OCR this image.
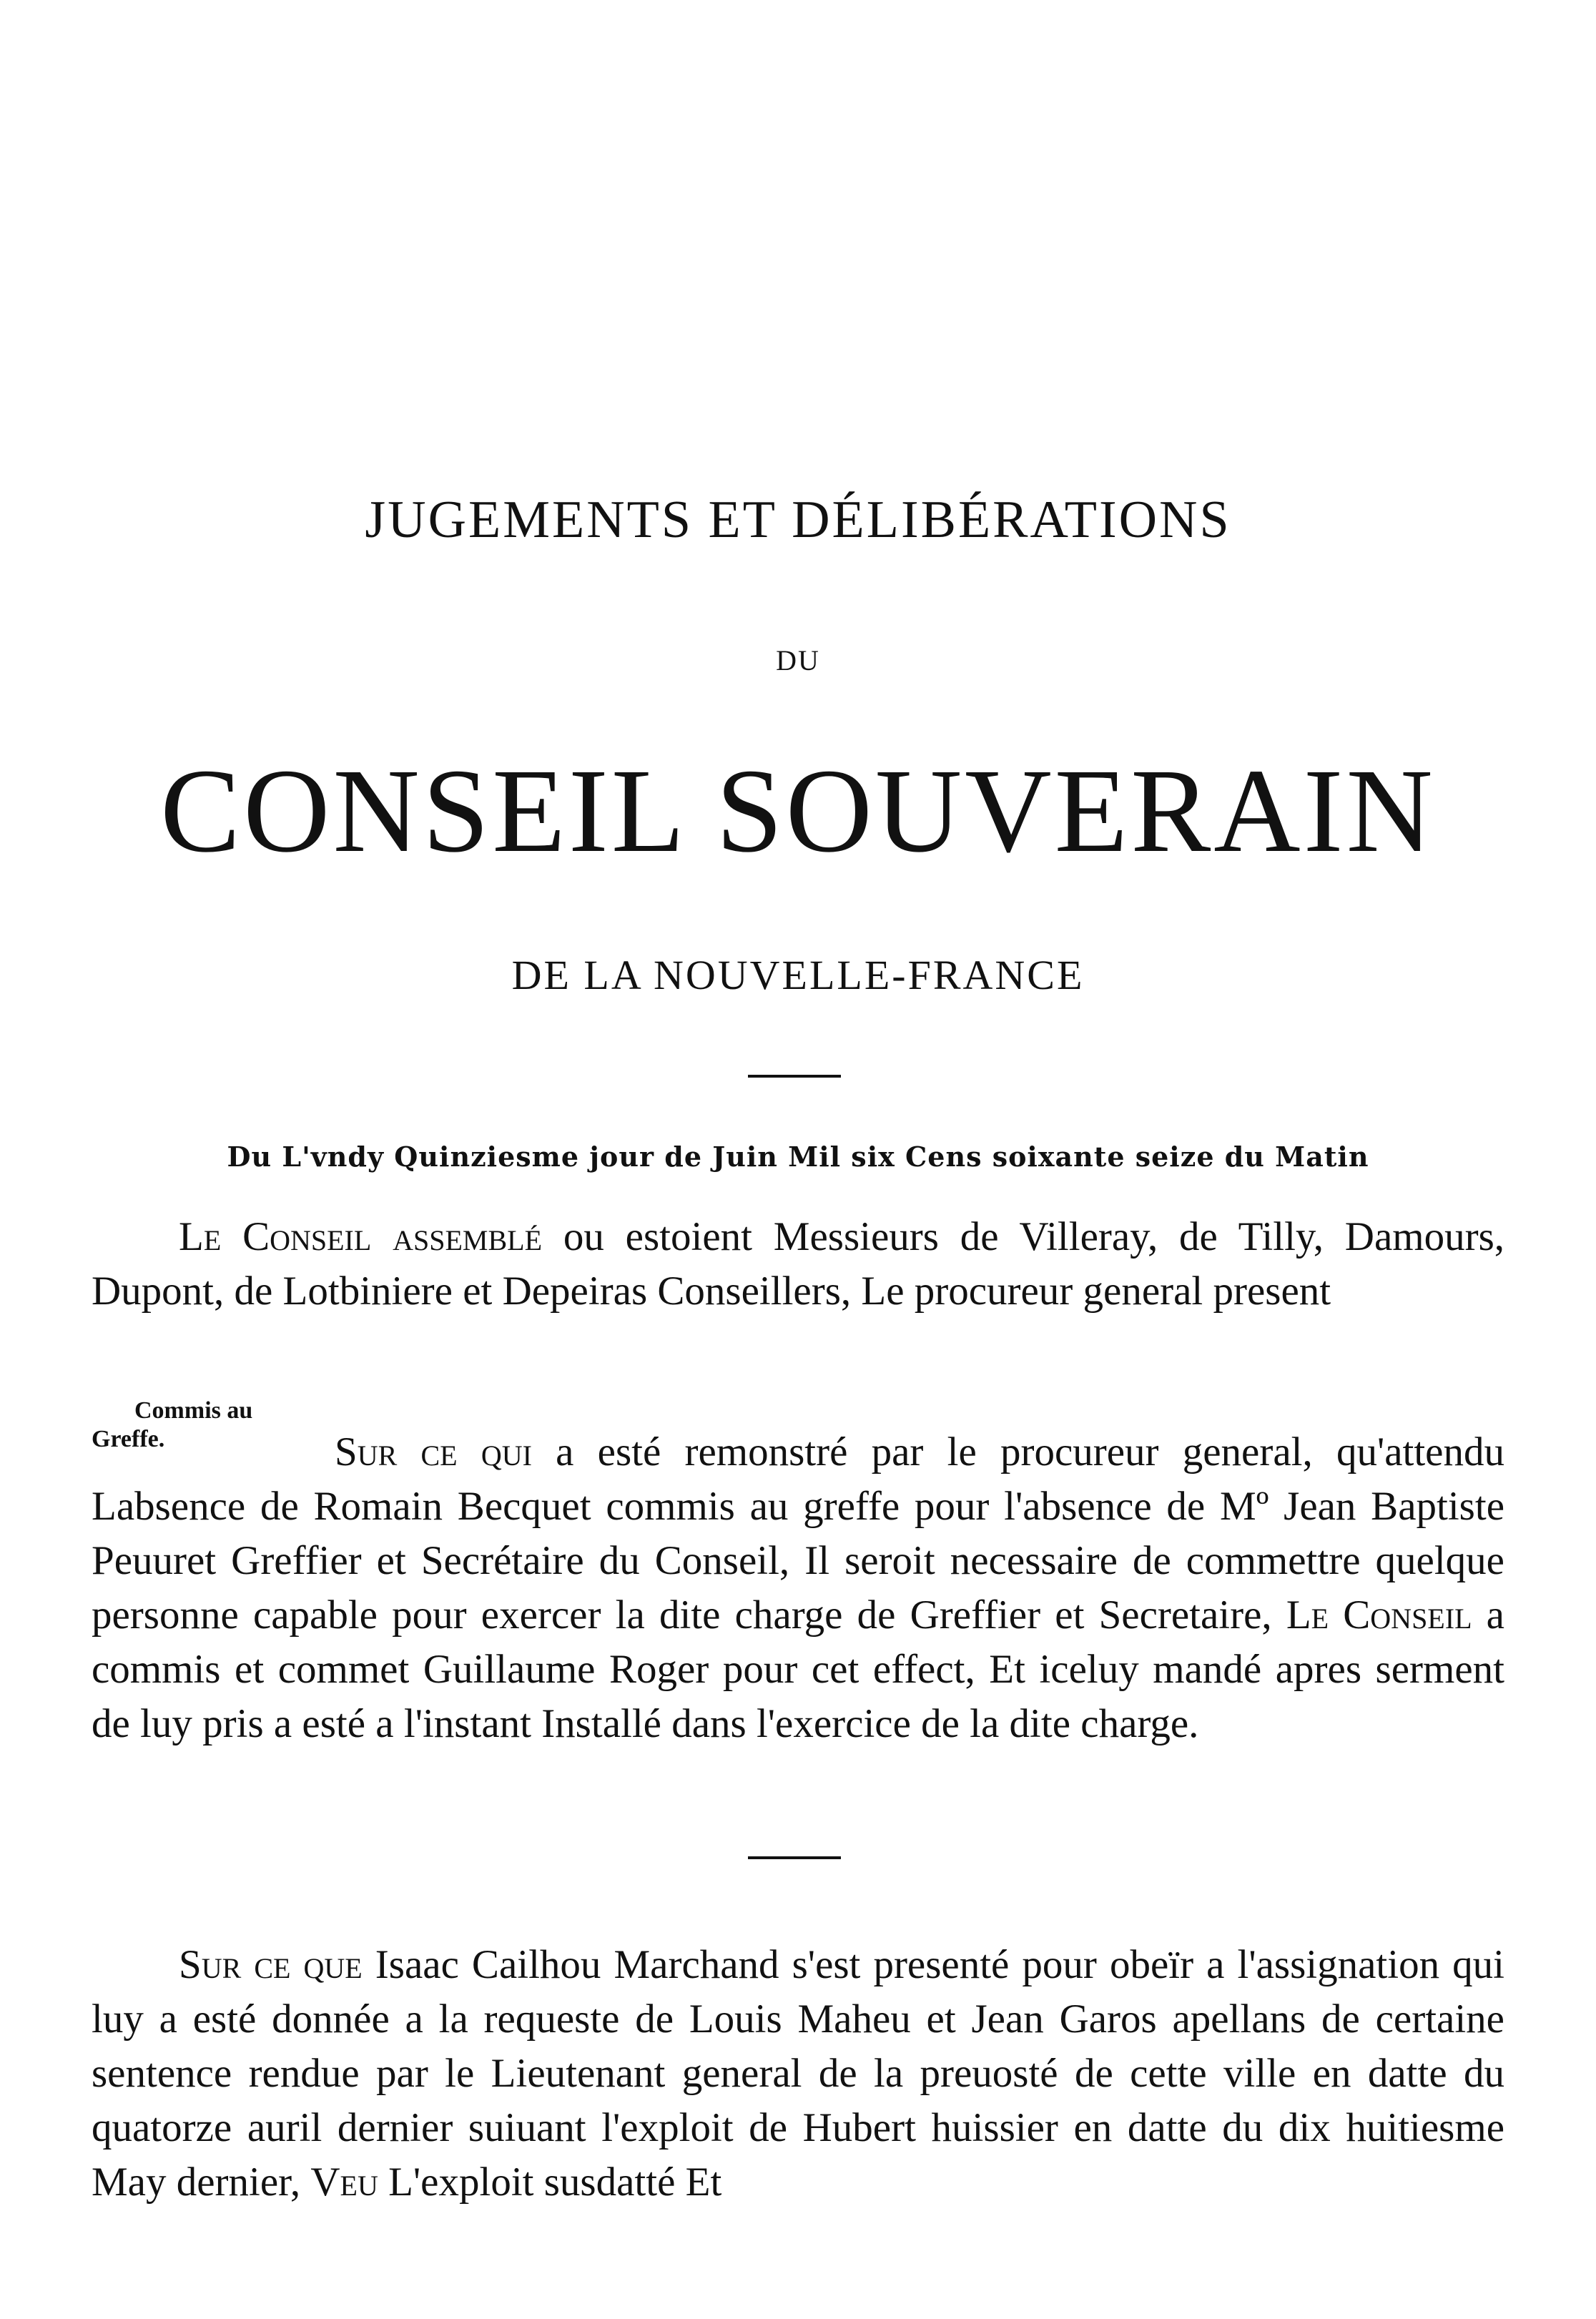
JUGEMENTS ET DÉLIBÉRATIONS
DU
CONSEIL SOUVERAIN
DE LA NOUVELLE-FRANCE
Du L'vndy Quinziesme jour de Juin Mil six Cens soixante seize du Matin

Le Conseil assemblé ou estoient Messieurs de Villeray, de Tilly, Damours, Dupont, de Lotbiniere et Depeiras Conseillers, Le procureur general present

Commis au
Greffe.	Sur ce qui a esté remonstré par le procureur general, qu'attendu Labsence de Romain Becquet commis au greffe pour l'absence de Mº Jean Baptiste Peuuret Greffier et Secrétaire du Conseil, Il seroit necessaire de commettre quelque personne capable pour exercer la dite charge de Greffier et Secretaire, Le Conseil a commis et commet Guillaume Roger pour cet effect, Et iceluy mandé apres serment de luy pris a esté a l'instant Installé dans l'exercice de la dite charge.

Sur ce que Isaac Cailhou Marchand s'est presenté pour obeïr a l'assignation qui luy a esté donnée a la requeste de Louis Maheu et Jean Garos apellans de certaine sentence rendue par le Lieutenant general de la preuosté de cette ville en datte du quatorze auril dernier suiuant l'exploit de Hubert huissier en datte du dix huitiesme May dernier, Veu L'exploit susdatté Et
